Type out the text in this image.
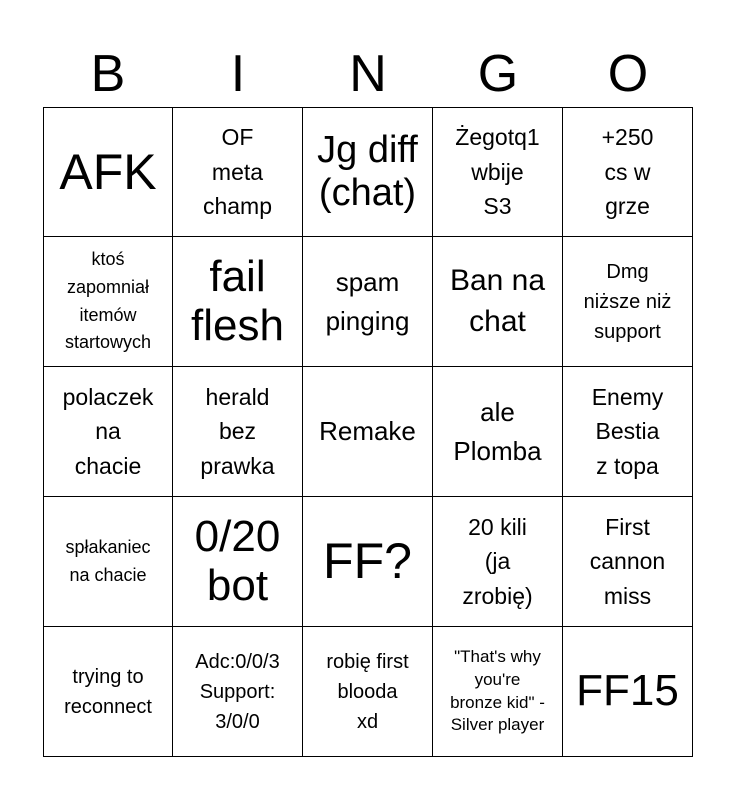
B	I	N	G	O
AFK
OF
meta
champ
Jg diff
(chat)
Żegotq1
wbije
S3
+250
cs w
grze
ktoś
zapomniał
itemów
startowych
fail
flesh
spam
pinging
Ban na
chat
Dmg
niższe niż
support
polaczek
na
chacie
herald
bez
prawka
Remake
ale
Plomba
Enemy
Bestia
z topa
spłakaniec
na chacie
0/20
bot FF?
20 kili
(ja
zrobię)
First
cannon
miss
trying to
reconnect
Adc:0/0/3
Support:
3/0/0
robię first
blooda
xd
"That's why
you're
bronze kid" -
Silver player
FF15
